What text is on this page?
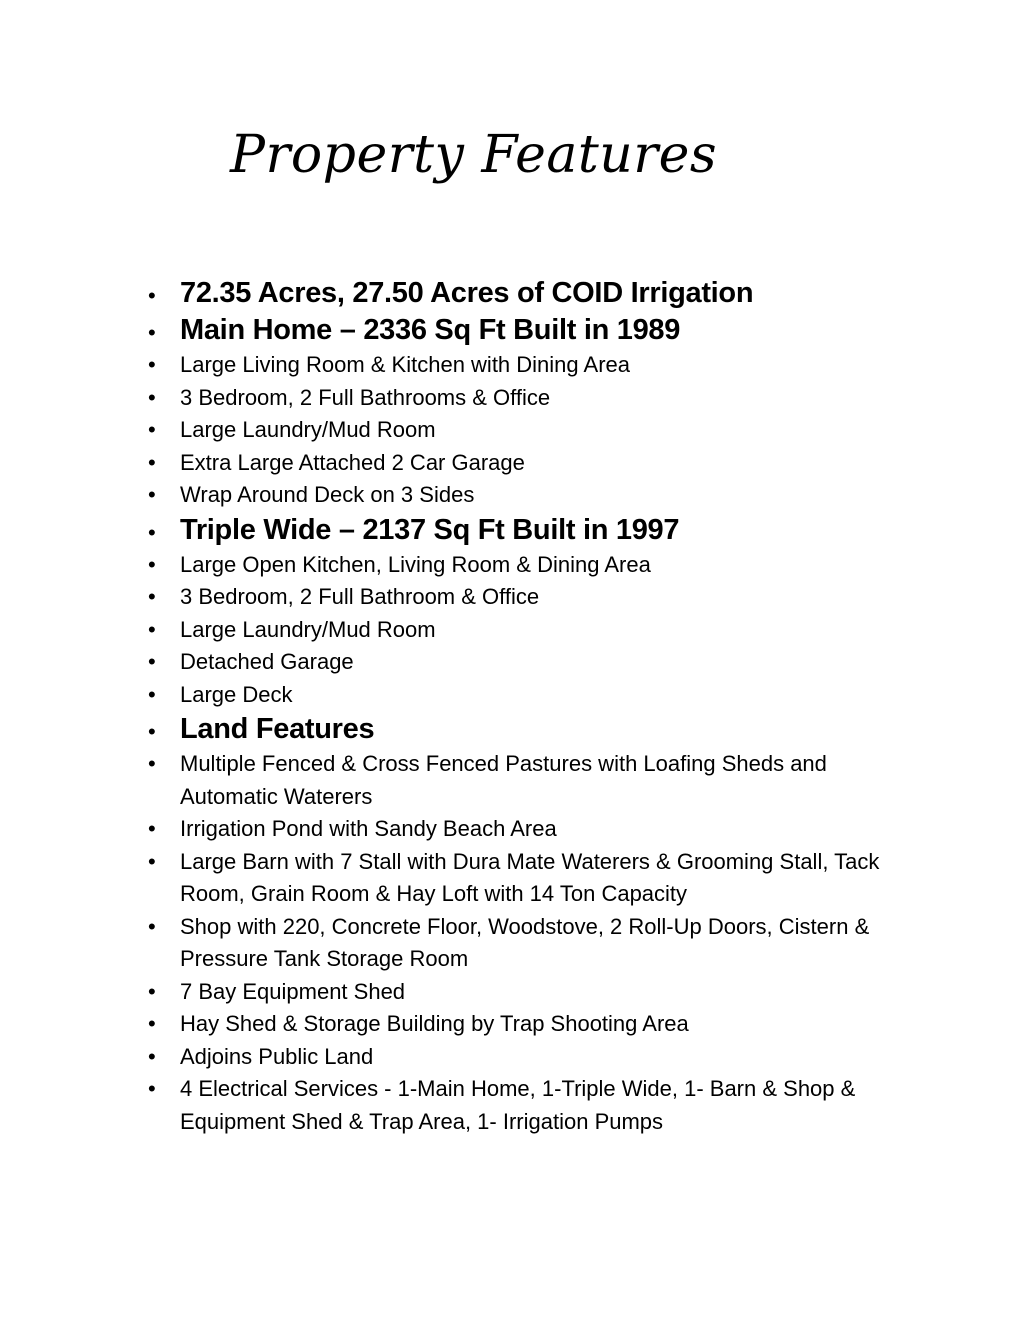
Property Features
• 72.35 Acres, 27.50 Acres of COID Irrigation
• Main Home – 2336 Sq Ft Built in 1989
•	Large Living Room & Kitchen with Dining Area
•	3 Bedroom, 2 Full Bathrooms & Office
•	Large Laundry/Mud Room
•	Extra Large Attached 2 Car Garage
•	Wrap Around Deck on 3 Sides
• Triple Wide – 2137 Sq Ft Built in 1997
•	Large Open Kitchen, Living Room & Dining Area
•	3 Bedroom, 2 Full Bathroom & Office
•	Large Laundry/Mud Room
•	Detached Garage
•	Large Deck
• Land Features
•	Multiple Fenced & Cross Fenced Pastures with Loafing Sheds and Automatic Waterers
•	Irrigation Pond with Sandy Beach Area
•	Large Barn with 7 Stall with Dura Mate Waterers & Grooming Stall, Tack Room, Grain Room & Hay Loft with 14 Ton Capacity
•	Shop with 220, Concrete Floor, Woodstove, 2 Roll-Up Doors, Cistern & Pressure Tank Storage Room
•	7 Bay Equipment Shed
•	Hay Shed & Storage Building by Trap Shooting Area
•	Adjoins Public Land
•	4 Electrical Services - 1-Main Home, 1-Triple Wide, 1- Barn & Shop & Equipment Shed & Trap Area, 1- Irrigation Pumps
